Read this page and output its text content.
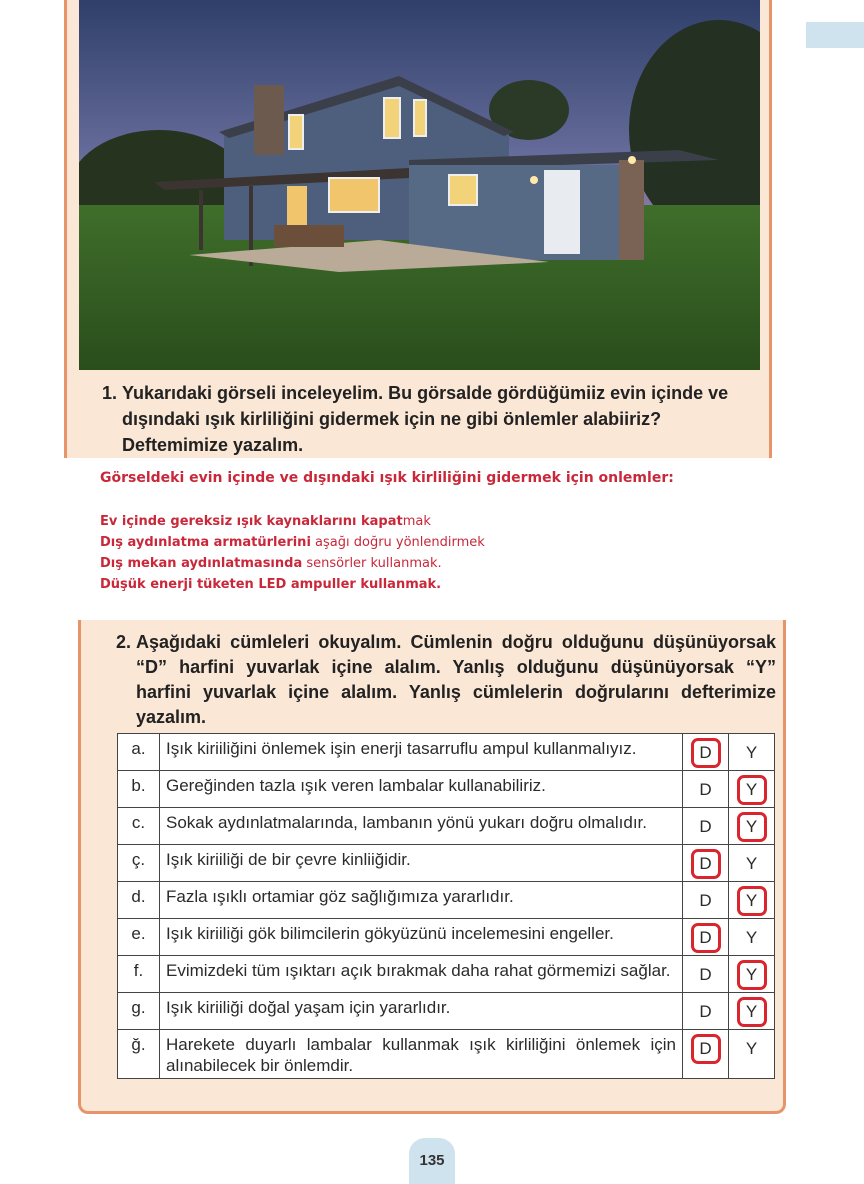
1. Yukarıdaki görseli inceleyelim. Bu görsalde gördüğümiiz evin içinde ve dışındaki ışık kirliliğini gidermek için ne gibi önlemler alabiiriz? Deftemimize yazalım.
Görseldeki evin içinde ve dışındaki ışık kirliliğini gidermek için onlemler:
Ev içinde gereksiz ışık kaynaklarını kapatmak
Dış aydınlatma armatürlerini aşağı doğru yönlendirmek
Dış mekan aydınlatmasında sensörler kullanmak.
Düşük enerji tüketen LED ampuller kullanmak.
2. Aşağıdaki cümleleri okuyalım. Cümlenin doğru olduğunu düşünüyorsak “D” harfini yuvarlak içine alalım. Yanlış olduğunu düşünüyorsak “Y” harfini yuvarlak içine alalım. Yanlış cümlelerin doğrularını defterimize yazalım.
a.	Işık kiriiliğini önlemek işin enerji tasarruflu ampul kullanmalıyız.	D	Y
b.	Gereğinden tazla ışık veren lambalar kullanabiliriz.	D	Y
c.	Sokak aydınlatmalarında, lambanın yönü yukarı doğru olmalıdır.	D	Y
ç.	Işık kiriiliği de bir çevre kinliiğidir.	D	Y
d.	Fazla ışıklı ortamiar göz sağlığımıza yararlıdır.	D	Y
e.	Işık kiriiliği gök bilimcilerin gökyüzünü incelemesini engeller.	D	Y
f.	Evimizdeki tüm ışıktarı açık bırakmak daha rahat görmemizi sağlar.	D	Y
g.	Işık kiriiliği doğal yaşam için yararlıdır.	D	Y
ğ.	Harekete duyarlı lambalar kullanmak ışık kirliliğini önlemek için alınabilecek bir önlemdir.	D	Y
135
